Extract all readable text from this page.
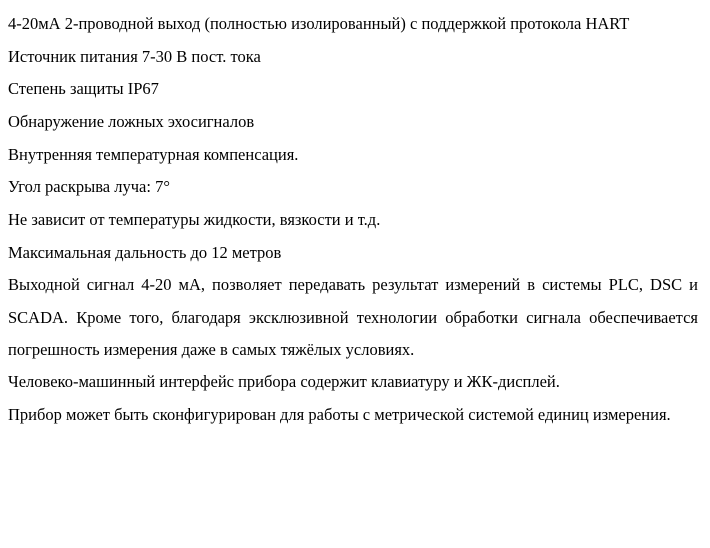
4-20мА 2-проводной выход (полностью изолированный) с поддержкой протокола HART

Источник питания 7-30 В пост. тока

Степень защиты IP67

Обнаружение ложных эхосигналов

Внутренняя температурная компенсация.

Угол раскрыва луча: 7°

Не зависит от температуры жидкости, вязкости и т.д.

Максимальная дальность до 12 метров

Выходной сигнал 4-20 мА, позволяет передавать результат измерений в системы PLC, DSC и SCADA. Кроме того, благодаря эксклюзивной технологии обработки сигнала обеспечивается погрешность измерения даже в самых тяжёлых условиях.

Человеко-машинный интерфейс прибора содержит клавиатуру и ЖК-дисплей.

Прибор может быть сконфигурирован для работы с метрической системой единиц измерения.
